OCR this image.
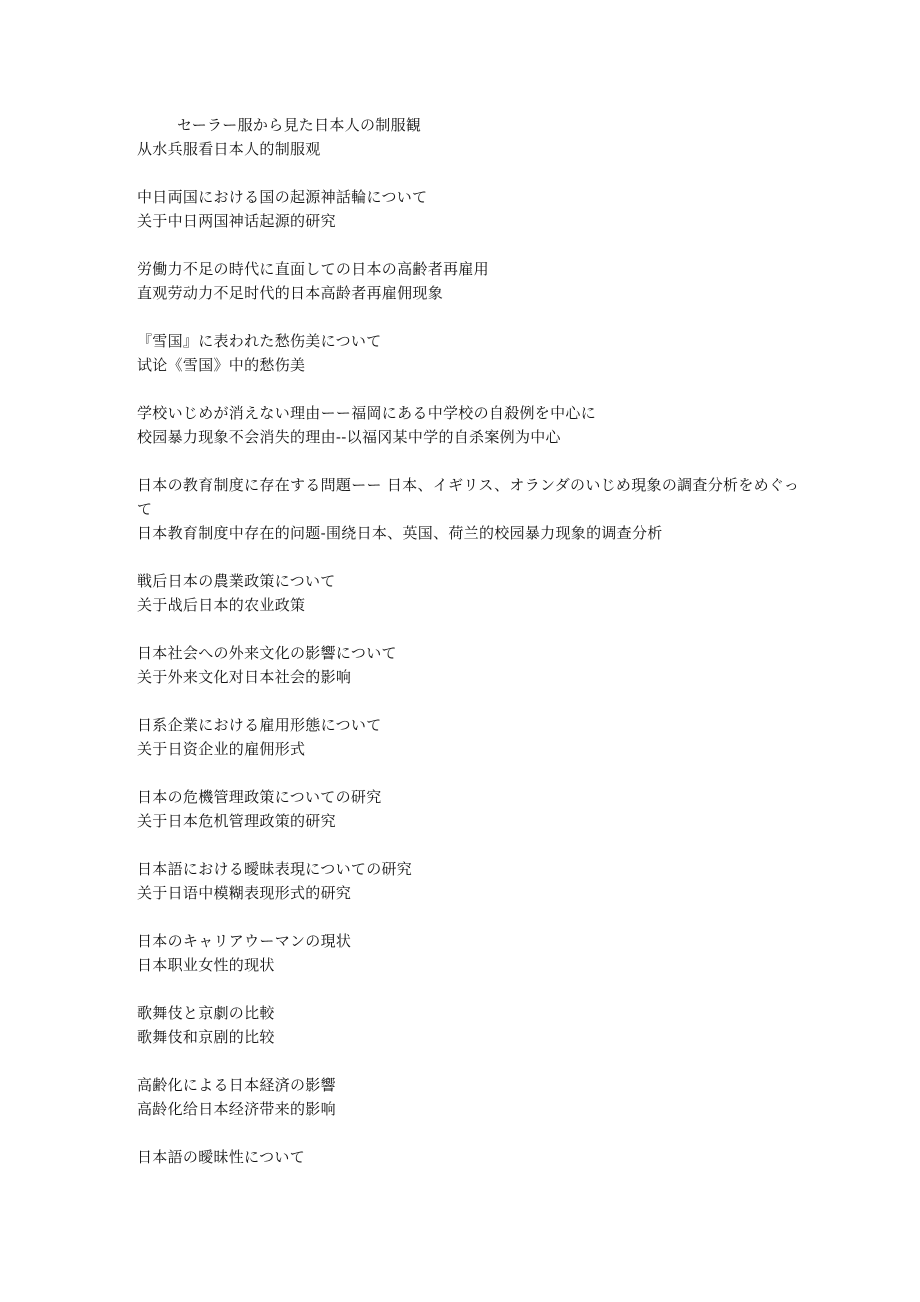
セーラー服から見た日本人の制服観
从水兵服看日本人的制服观
中日両国における国の起源神話輪について
关于中日两国神话起源的研究
労働力不足の時代に直面しての日本の高齢者再雇用
直观劳动力不足时代的日本高龄者再雇佣现象
『雪国』に表われた愁伤美について
试论《雪国》中的愁伤美
学校いじめが消えない理由ーー福岡にある中学校の自殺例を中心に
校园暴力现象不会消失的理由--以福冈某中学的自杀案例为中心
日本の教育制度に存在する問題ーー 日本、イギリス、オランダのいじめ現象の調査分析をめぐって
日本教育制度中存在的问题-围绕日本、英国、荷兰的校园暴力现象的调查分析
戦后日本の農業政策について
关于战后日本的农业政策
日本社会への外来文化の影響について
关于外来文化对日本社会的影响
日系企業における雇用形態について
关于日资企业的雇佣形式
日本の危機管理政策についての研究
关于日本危机管理政策的研究
日本語における曖昧表現についての研究
关于日语中模糊表现形式的研究
日本のキャリアウーマンの現状
日本职业女性的现状
歌舞伎と京劇の比較
歌舞伎和京剧的比较
高齢化による日本経済の影響
高龄化给日本经济带来的影响
日本語の曖昧性について
